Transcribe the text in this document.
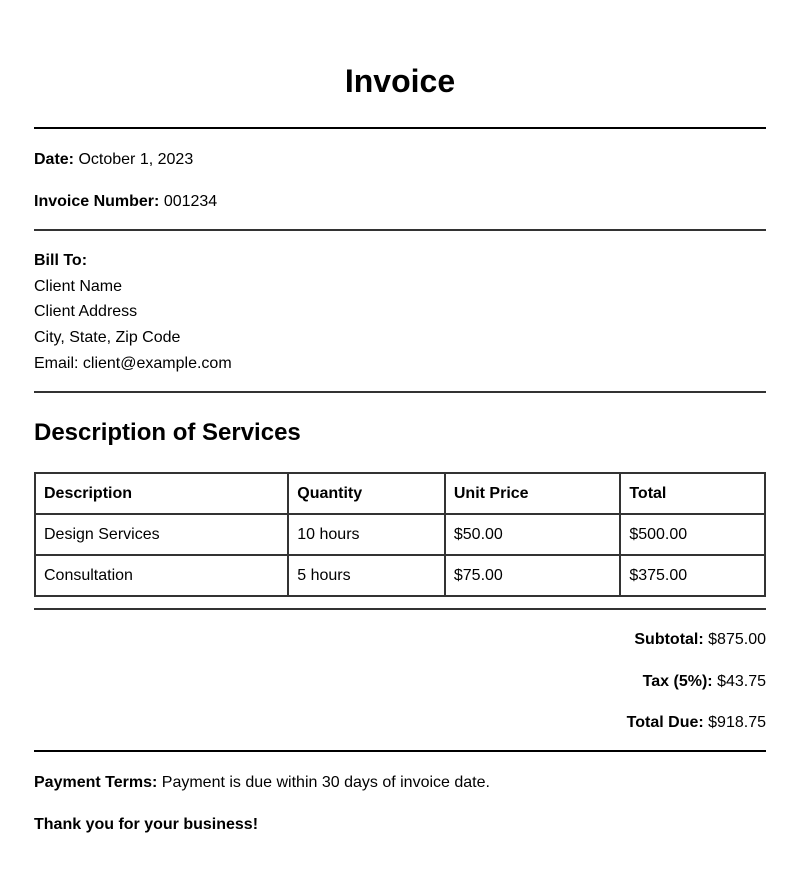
Invoice
Date: October 1, 2023
Invoice Number: 001234
Bill To:
Client Name
Client Address
City, State, Zip Code
Email: client@example.com
Description of Services
Description	Quantity	Unit Price	Total
Design Services	10 hours	$50.00	$500.00
Consultation	5 hours	$75.00	$375.00
Subtotal: $875.00
Tax (5%): $43.75
Total Due: $918.75
Payment Terms: Payment is due within 30 days of invoice date.
Thank you for your business!
